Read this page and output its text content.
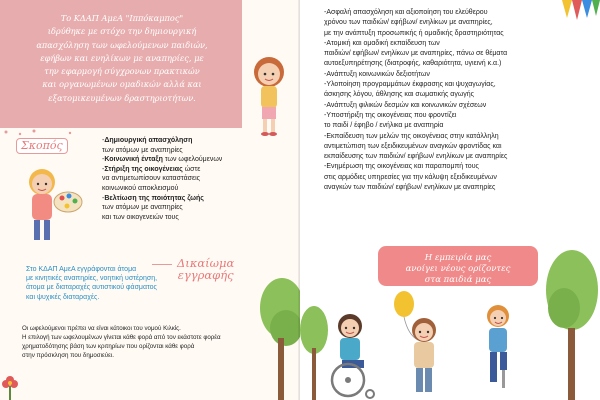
Το ΚΔΑΠ ΑμεΑ "Ιππόκαμπος"
ιδρύθηκε με στόχο την δημιουργική
απασχόληση των ωφελούμενων παιδιών,
εφήβων και ενηλίκων με αναπηρίες, με
την εφαρμογή σύγχρονων πρακτικών
και οργανωμένων ομαδικών αλλά και
εξατομικευμένων δραστηριοτήτων.
Σκοπός	-Δημιουργική απασχόληση
των ατόμων με αναπηρίες
-Κοινωνική ένταξη των ωφελούμενων
-Στήριξη της οικογένειας ώστε
να αντιμετωπίσουν καταστάσεις
κοινωνικού αποκλεισμού
-Βελτίωση της ποιότητας ζωής
των ατόμων με αναπηρίες
και των οικογενειών τους
Στο ΚΔΑΠ ΑμεΑ εγγράφονται άτομα
με κινητικές αναπηρίες, νοητική υστέρηση,
άτομα με διαταραχές αυτιστικού φάσματος
και ψυχικές διαταραχές.
Δικαίωμα
εγγραφής
Οι ωφελούμενοι πρέπει να είναι κάτοικοι του νομού Κιλκίς.
Η επιλογή των ωφελουμένων γίνεται κάθε φορά από τον εκάστοτε φορέα
χρηματοδότησης βάση των κριτηρίων που ορίζονται κάθε φορά
στην πρόσκληση που δημοσιεύει.
-Ασφαλή απασχόληση και αξιοποίηση του ελεύθερου
χρόνου των παιδιών/ εφήβων/ ενηλίκων με αναπηρίες,
με την ανάπτυξη προσωπικής ή ομαδικής δραστηριότητας
-Ατομική και ομαδική εκπαίδευση των
παιδιών/ εφήβων/ ενηλίκων με αναπηρίες, πάνω σε θέματα
αυτοεξυπηρέτησης (διατροφής, καθαριότητα, υγιεινή κ.α.)
-Ανάπτυξη κοινωνικών δεξιοτήτων
-Υλοποίηση προγραμμάτων έκφρασης και ψυχαγωγίας,
άσκησης λόγου, άθλησης και σωματικής αγωγής
-Ανάπτυξη φιλικών δεσμών και κοινωνικών σχέσεων
-Υποστήριξη της οικογένειας που φροντίζει
το παιδί / έφηβο / ενήλικα με αναπηρία
-Εκπαίδευση των μελών της οικογένειας στην κατάλληλη
αντιμετώπιση των εξειδικευμένων αναγκών φροντίδας και
εκπαίδευσης των παιδιών/ εφήβων/ ενηλίκων με αναπηρίες
-Ενημέρωση της οικογένειας και παραπομπή τους
στις αρμόδιες υπηρεσίες για την κάλυψη εξειδικευμένων
αναγκών των παιδιών/ εφήβων/ ενηλίκων με αναπηρίες
Η εμπειρία μας
ανοίγει νέους ορίζοντες
στα παιδιά μας
